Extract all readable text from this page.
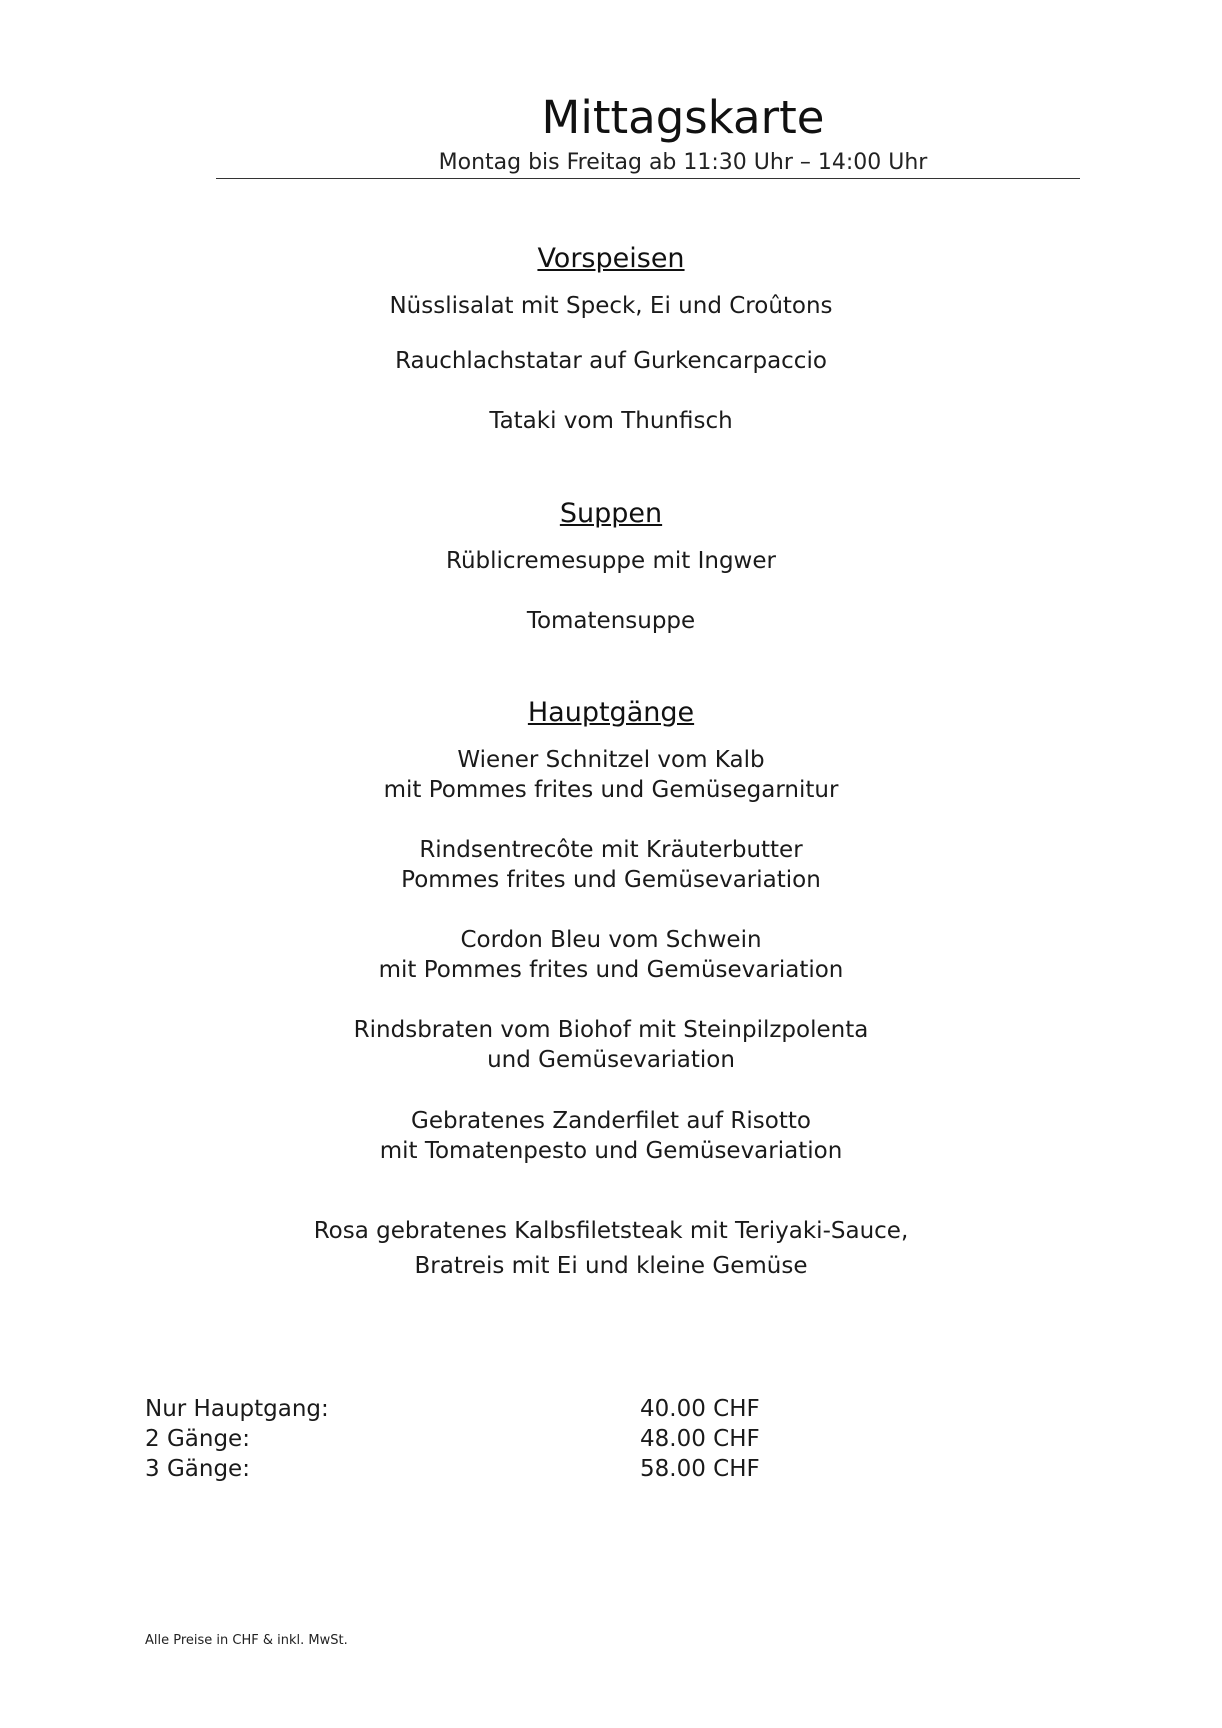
Mittagskarte
Montag bis Freitag ab 11:30 Uhr – 14:00 Uhr
Vorspeisen
Nüsslisalat mit Speck, Ei und Croûtons
Rauchlachstatar auf Gurkencarpaccio
Tataki vom Thunfisch
Suppen
Rüblicremesuppe mit Ingwer
Tomatensuppe
Hauptgänge
Wiener Schnitzel vom Kalb
mit Pommes frites und Gemüsegarnitur
Rindsentrecôte mit Kräuterbutter
Pommes frites und Gemüsevariation
Cordon Bleu vom Schwein
mit Pommes frites und Gemüsevariation
Rindsbraten vom Biohof mit Steinpilzpolenta
und Gemüsevariation
Gebratenes Zanderfilet auf Risotto
mit Tomatenpesto und Gemüsevariation
Rosa gebratenes Kalbsfiletsteak mit Teriyaki-Sauce,
Bratreis mit Ei und kleine Gemüse
Nur Hauptgang:	40.00 CHF
2 Gänge:	48.00 CHF
3 Gänge:	58.00 CHF
Alle Preise in CHF & inkl. MwSt.
